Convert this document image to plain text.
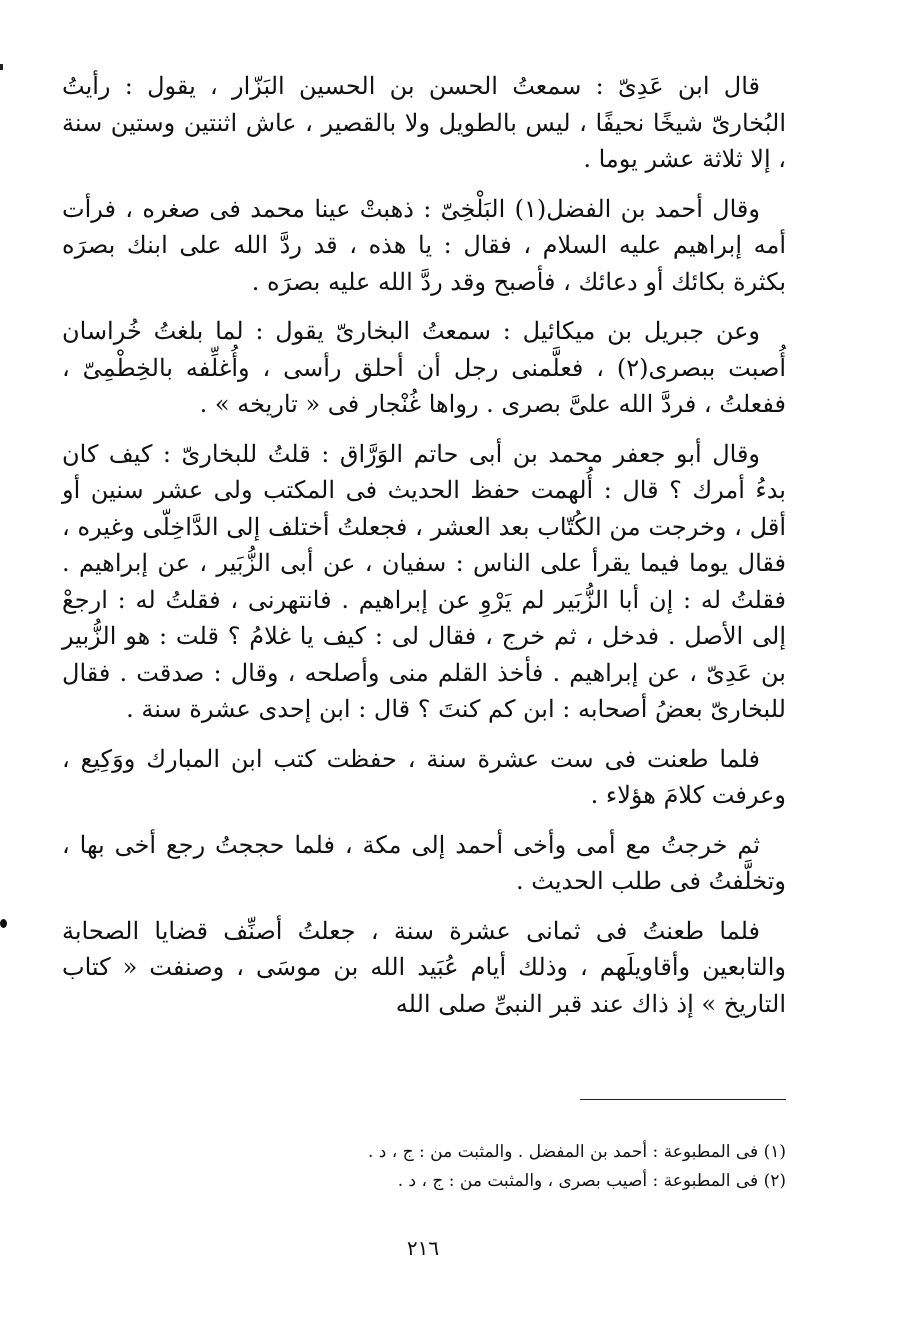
قال ابن عَدِىّ : سمعتُ الحسن بن الحسين البَزّار ، يقول : رأيتُ البُخارىّ شيخًا نحيفًا ، ليس بالطويل ولا بالقصير ، عاش اثنتين وستين سنة ، إلا ثلاثة عشر يوما .

وقال أحمد بن الفضل(١) البَلْخِىّ : ذهبتْ عينا محمد فى صغره ، فرأت أمه إبراهيم عليه السلام ، فقال : يا هذه ، قد ردَّ الله على ابنك بصرَه بكثرة بكائك أو دعائك ، فأصبح وقد ردَّ الله عليه بصرَه .

وعن جبريل بن ميكائيل : سمعتُ البخارىّ يقول : لما بلغتُ خُراسان أُصبت ببصرى(٢) ، فعلَّمنى رجل أن أحلق رأسى ، وأُغلِّفه بالخِطْمِىّ ، ففعلتُ ، فردَّ الله علىَّ بصرى . رواها غُنْجار فى « تاريخه » .

وقال أبو جعفر محمد بن أبى حاتم الوَرَّاق : قلتُ للبخارىّ : كيف كان بدءُ أمرك ؟ قال : أُلهمت حفظ الحديث فى المكتب ولى عشر سنين أو أقل ، وخرجت من الكُتّاب بعد العشر ، فجعلتُ أختلف إلى الدَّاخِلّى وغيره ، فقال يوما فيما يقرأ على الناس : سفيان ، عن أبى الزُّبَير ، عن إبراهيم . فقلتُ له : إن أبا الزُّبَير لم يَرْوِ عن إبراهيم . فانتهرنى ، فقلتُ له : ارجعْ إلى الأصل . فدخل ، ثم خرج ، فقال لى : كيف يا غلامُ ؟ قلت : هو الزُّبير بن عَدِىّ ، عن إبراهيم . فأخذ القلم منى وأصلحه ، وقال : صدقت . فقال للبخارىّ بعضُ أصحابه : ابن كم كنتَ ؟ قال : ابن إحدى عشرة سنة .

فلما طعنت فى ست عشرة سنة ، حفظت كتب ابن المبارك ووَكِيع ، وعرفت كلامَ هؤلاء .

ثم خرجتُ مع أمى وأخى أحمد إلى مكة ، فلما حججتُ رجع أخى بها ، وتخلَّفتُ فى طلب الحديث .

فلما طعنتُ فى ثمانى عشرة سنة ، جعلتُ أصنِّف قضايا الصحابة والتابعين وأقاويلَهم ، وذلك أيام عُبَيد الله بن موسَى ، وصنفت « كتاب التاريخ » إذ ذاك عند قبر النبىِّ صلى الله

(١) فى المطبوعة : أحمد بن المفضل . والمثبت من : ج ، د .

(٢) فى المطبوعة : أصيب بصرى ، والمثبت من : ج ، د .

٢١٦
